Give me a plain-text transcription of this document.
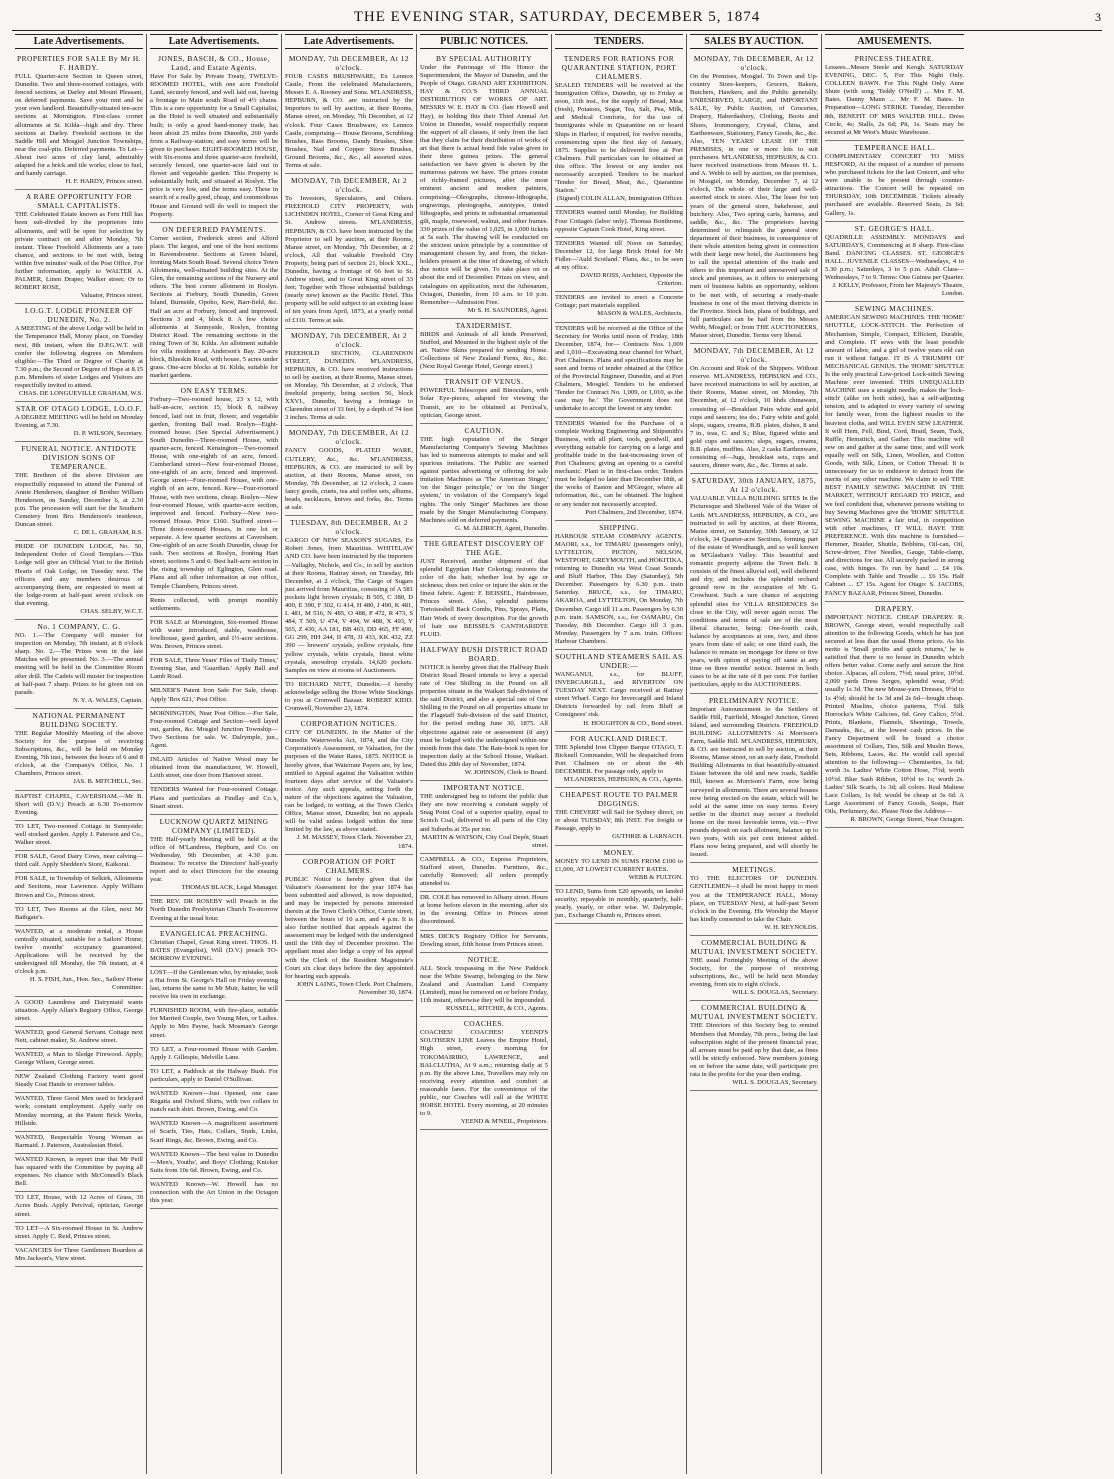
THE EVENING STAR, SATURDAY, DECEMBER 5, 1874	3
Late Advertisements.
PROPERTIES FOR SALE By Mr H. F. HARDY.
FULL Quarter-acre Section in Queen street, Dunedin. Two and three-roomed cottages, with fenced sections, at Darley and Mount Pleasant, on deferred payments. Save your rent and be your own landlord. Beautifully-situated ten-acre sections at Mornington. First-class corner allotments at St. Kilda—high and dry. Three sections at Darley. Freehold sections in the Saddle Hill and Mosgiel Junction Townships, near the coal-pits. Deferred payments. To Let—About two acres of clay land, admirably adapted for a brick and tile works; close to fuel, and handy carriage.
H. F. HARDY, Princes street.
A RARE OPPORTUNITY FOR SMALL CAPITALISTS.
THE Celebrated Estate known as Fern Hill has been sub-divided by the proprietors into allotments, and will be open for selection by private contract on and after Monday, 7th instant. These Freehold Allotments are a rare chance, and sections to be met with, being within five minutes' walk of the Post Office. For further information, apply to WALTER A. PALMER, Linen Draper, Walker street; Or to ROBERT ROSE,
Valuator, Princes street.
I.O.G.T. LODGE PIONEER OF DUNEDIN, No. 2.
A MEETING of the above Lodge will be held in the Temperance Hall, Moray place, on Tuesday next, 8th instant, when the D.P.G.W.T. will confer the following degrees on Members eligible:—The Third or Degree of Charity at 7.30 p.m.; the Second or Degree of Hope at 8.15 p.m. Members of sister Lodges and Visitors are respectfully invited to attend.
CHAS. DE LONGUEVILLE GRAHAM, W.S.
STAR OF OTAGO LODGE, I.O.O.F.
A DEGREE MEETING will be held on Monday Evening, at 7.30.
D. P. WILSON, Secretary.
FUNERAL NOTICE. ANTIDOTE DIVISION SONS OF TEMPERANCE.
THE Brethren of the above Division are respectfully requested to attend the Funeral of Annie Henderson, daughter of Brother William Henderson, on Sunday, December 6, at 2.30 p.m. The procession will start for the Southern Cemetery from Bro. Henderson's residence, Duncan street.
C. DE L. GRAHAM, R.S.
PRIDE OF DUNEDIN LODGE, No. 50, Independent Order of Good Templars.—This Lodge will give an Official Visit to the British Hearts of Oak Lodge, on Tuesday next. The officers and any members desirous of accompanying them, are requested to meet at the lodge-room at half-past seven o'clock on that evening.
CHAS. SELBY, W.C.T.
No. 1 COMPANY, C. G.
NO. 1.—The Company will muster for inspection on Monday, 7th instant, at 8 o'clock sharp. No. 2.—The Prizes won in the late Matches will be presented. No. 3.—The annual meeting will be held in the Committee Room after drill. The Cadets will muster for inspection at half-past 7 sharp. Prizes to be given out on parade.
N. Y. A. WALES, Captain.
NATIONAL PERMANENT BUILDING SOCIETY.
THE Regular Monthly Meeting of the above Society for the purpose of receiving Subscriptions, &c., will be held on Monday Evening, 7th inst., between the hours of 6 and 8 o'clock, at the Company's Office, No. 1 Chambers, Princes street.
JAS. B. MITCHELL, Sec.
BAPTIST CHAPEL, CAVERSHAM.—Mr B. Short will (D.V.) Preach at 6.30 To-morrow Evening.
TO LET, Two-roomed Cottage in Sunnyside; well stocked garden. Apply J. Paterson and Co., Walker street.
FOR SALE, Good Dairy Cows, near calving—third calf. Apply Shedden's Store, Kaikorai.
FOR SALE, in Township of Selkirk, Allotments and Sections, near Lawrence. Apply William Brown and Co., Princes street.
TO LET, Two Rooms at the Glen, next Mr Bathgate's.
WANTED, at a moderate rental, a House centrally situated, suitable for a Sailors' Home; twelve months' occupancy guaranteed. Applications will be received by the undersigned till Monday, the 7th instant, at 4 o'clock p.m.
H. S. FISH, Jun., Hon. Sec., Sailors' Home Committee.
A GOOD Laundress and Dairymaid wants situation. Apply Allan's Registry Office, George street.
WANTED, good General Servant. Cottage next Nett, cabinet maker, St. Andrew street.
WANTED, a Man to Sledge Firewood. Apply, George Wilson, George street.
NEW Zealand Clothing Factory want good Steady Coat Hands to overseer tables.
WANTED, Three Good Men used to brickyard work; constant employment. Apply early on Monday morning, at the Patent Brick Works, Hillside.
WANTED, Respectable Young Woman as Barmaid. J. Paterson, Australasian Hotel.
WANTED Known, is report true that Mr Peill has squared with the Committee by paying all expenses. No chance with McConnell's Black Bell.
TO LET, House, with 12 Acres of Grass, 30 Acres Bush. Apply Percival, optician, George street.
TO LET—A Six-roomed House in St. Andrew street. Apply C. Reid, Princes street.
VACANCIES for Three Gentlemen Boarders at Mrs Jackson's, View street.
Late Advertisements.
JONES, BASCH, & CO., House, Land, and Estate Agents.
Have For Sale by Private Treaty, TWELVE-ROOMED HOTEL, with one acre Freehold Land, securely fenced, and well laid out, having a frontage to Main south Road of 4½ chains. This is a rare opportunity for a Small Capitalist, as the Hotel is well situated and substantially built; is only a good hand-money trade, has been about 25 miles from Dunedin, 260 yards from a Railway-station; and easy terms will be given to purchaser. EIGHT-ROOMED HOUSE, with Six-rooms and three quarter-acre freehold, securely fenced, one quarter-acre laid out in flower and vegetable garden. This Property is substantially built, and situated at Roslyn. The price is very low, and the terms easy. These in search of a really good, cheap, and commodious House and Ground will do well to inspect the Property.
ON DEFERRED PAYMENTS.
Corner section, Frederick street and Alford place. The largest, and one of the best sections in Ravensbourne. Sections at Green Island, fronting Main South Road. Several choice Town Allotments, well-situated building sites. At the Glen, the remaining sections of the Nursery and others. The best corner allotment in Roslyn. Sections at Forbury, South Dunedin, Green Island, Burnside, Opoho, Kew, Barr-field, &c. Half an acre at Forbury, fenced and improved. Sections 3 and 4, block 8. A few choice allotments at Sunnyside, Roslyn, fronting District Road. The remaining sections in the rising Town of St. Kilda. An allotment suitable for villa residence at Anderson's Bay. 20-acre block, Blueskin Road, with house, 5 acres under grass. One-acre blocks at St. Kilda, suitable for market gardens.
ON EASY TERMS.
Forbury—Two-roomed house, 23 x 12, with half-an-acre, section 15, block 8, railway fenced, laid out in fruit, flower, and vegetable garden, fronting Ball road. Roslyn—Eight-roomed house. (See Special Advertisement.) South Dunedin—Three-roomed House, with quarter-acre, fenced. Kensington—Two-roomed House, with one-eighth of an acre, fenced. Cumberland street—New four-roomed House, one-eighth of an acre, fenced and improved. George street—Four-roomed House, with one-eighth of an acre, fenced. Kew—Four-roomed House, with two sections, cheap. Roslyn—New four-roomed House, with quarter-acre section, improved and fenced. Forbury—New two-roomed House. Price £160. Stafford street—Three three-roomed Houses, in one lot or separate. A few quarter sections at Caversham. One-eighth of an acre South Dunedin, cheap for cash. Two sections at Roslyn, fronting Hart street; sections 5 and 6. Best half-acre section in the rising township of Eglington, Glen road. Plans and all other information at our office, Temple Chambers, Princes street.
Rents collected, with prompt monthly settlements.
FOR SALE at Mornington, Six-roomed House with water introduced, stable, washhouse, fowlhouse, good garden, and 1½-acre sections. Wm. Brown, Princes street.
FOR SALE, Three Years' Files of 'Daily Times,' Evening Star, and 'Guardian.' Apply Ball and Lamb Road.
MILNER'S Patent Iron Safe For Sale, cheap. Apply 'Box 621,' Post Office.
MORNINGTON, Near Post Office.—For Sale, Four-roomed Cottage and Section—well layed out, garden, &c. Mosgiel Junction Township—Two Sections for sale. W. Dalrymple, jun., Agent.
INLAID Articles of Native Wood may be obtained from the manufacturer, W. Howell, Leith street, one door from Hanover street.
TENDERS Wanted for Four-roomed Cottage. Plans and particulars at Findlay and Co.'s, Stuart street.
LUCKNOW QUARTZ MINING COMPANY (LIMITED).
THE Half-yearly Meeting will be held at the office of M'Landress, Hepburn, and Co. on Wednesday, 9th December, at 4.30 p.m. Business: To receive the Directors' half-yearly report and to elect Directors for the ensuing year.
THOMAS BLACK, Legal Manager.
THE REV. DR ROSEBY will Preach in the North Dunedin Presbyterian Church To-morrow Evening at the usual hour.
EVANGELICAL PREACHING.
Christian Chapel, Great King street. THOS. H. BATES (Evangelist), Will (D.V.) preach TO-MORROW EVENING.
LOST—If the Gentleman who, by mistake, took a Hat from St. George's Hall on Friday evening last, returns the same to Mr Muir, hatter, he will receive his own in exchange.
FURNISHED ROOM, with fire-place, suitable for Married Couple, two Young Men, or Ladies. Apply to Mrs Payne, back Mosman's George street.
TO LET, a Four-roomed House with Garden. Apply J. Gillespie, Melville Lane.
TO LET, a Paddock at the Halway Bush. For particulars, apply to Daniel O'Sullivan.
WANTED Known—Just Opened, one case Regatta and Oxford Shirts, with two collars to match each shirt. Brown, Ewing, and Co.
WANTED Known—A magnificent assortment of Scarfs, Ties, Hats, Collars, Studs, Links, Scarf Rings, &c. Brown, Ewing, and Co.
WANTED Known—The best value in Dunedin—Men's, Youths', and Boys' Clothing; Knicker Suits from 10s 6d. Brown, Ewing, and Co.
WANTED Known—W. Howell has no connection with the Art Union in the Octagon this year.
Late Advertisements.
MONDAY, 7th DECEMBER, At 12 o'clock.
FOUR CASES BRUSHWARE, Ex Lennox Castle, From the celebrated Manufacturers, Messrs E. A. Rooney and Sons. M'LANDRESS, HEPBURN, & CO. are instructed by the Importers to sell by auction, at their Rooms, Manse street, on Monday, 7th December, at 12 o'clock. Four Cases Brushware, ex Lennox Castle, comprising— House Brooms, Scrubbing Brushes, Bass Brooms, Dandy Brushes, Shoe Brushes, Nail and Copper Stove Brushes, Ground Brooms, &c., &c., all assorted sizes. Terms at sale.
MONDAY, 7th DECEMBER, At 2 o'clock.
To Investors, Speculators, and Others. FREEHOLD CITY PROPERTY, with LICHNDEN HOTEL, Corner of Great King and St. Andrew streets. M'LANDRESS, HEPBURN, & CO. have been instructed by the Proprietor to sell by auction, at their Rooms, Manse street, on Monday, 7th December, at 2 o'clock, All that valuable Freehold City Property, being part of section 21, block XXL., Dunedin, having a frontage of 66 feet to St. Andrew street, and to Great King street of 33 feet; Together with Those substantial buildings (nearly new) known as the Pacific Hotel. This property will be sold subject to an existing lease of ten years from April, 1873, at a yearly rental of £110. Terms at sale.
MONDAY, 7th DECEMBER, At 2 o'clock.
FREEHOLD SECTION, CLARENDON STREET, DUNEDIN. M'LANDRESS, HEPBURN, & CO. have received instructions to sell by auction, at their Rooms, Manse street, on Monday, 7th December, at 2 o'clock, That freehold property, being section 56, block XXVI., Dunedin, having a frontage to Clarendon street of 33 feet, by a depth of 74 feet 3 inches. Terms at sale.
MONDAY, 7th DECEMBER, At 12 o'clock.
FANCY GOODS, PLATED WARE, CUTLERY, &c., &c. M'LANDRESS, HEPBURN, & CO. are instructed to sell by auction, at their Rooms, Manse street, on Monday, 7th December, at 12 o'clock, 2 cases fancy goods, cruets, tea and coffee sets, albums, beads, necklaces, knives and forks, &c. Terms at sale.
TUESDAY, 8th DECEMBER. At 2 o'clock.
CARGO OF NEW SEASON'S SUGARS, Ex Robert Jones, from Mauritius. WHITELAW AND CO. have been instructed by the importers—Vallaghy, Nichols, and Co., to sell by auction at their Rooms, Rattray street, on Tuesday, 8th December, at 2 o'clock, The Cargo of Sugars just arrived from Mauritius, consisting of A 581 pockets light brown crystals; B 505, C 380, D 400, E 390, F 302, G 414, H 480, J 490, K 481, L 481, M 516, N 485, O 488, P 472, R 473, S 484, T 509, U 474, V 494, W 488, X 493, Y 565, Z 430, AA 181, BB 463, DD 465, FF 490, GG 299, HH 244, II 478, JJ 433, KK 432, ZZ 390 — brewers' crystals, yellow crystals, fine yellow crystals, white crystals, finest white crystals, snowdrop crystals. 14,620 pockets. Samples on view at rooms of Auctioneers.
TO RICHARD NUTT, Dunedin.—I hereby acknowledge selling the Horse White Stockings to you at Cromwell Bazaar. ROBERT KIDD. Cromwell, November 23, 1874.
CORPORATION NOTICES.
CITY OF DUNEDIN. In the Matter of the Dunedin Waterworks Act, 1874, and the City Corporation's Assessment, or Valuation, for the purposes of the Water Rates, 1875. NOTICE is hereby given, that Waterrate Payers are, by law, entitled to Appeal against the Valuation within fourteen days after service of the Valuator's notice. Any such appeals, setting forth the nature of the objections against the Valuation, can be lodged, in writing, at the Town Clerk's Office, Manse street, Dunedin; but no appeals will be valid unless lodged within the time limited by the law, as above stated.
J. M. MASSEY, Town Clerk. November 23, 1874.
CORPORATION OF PORT CHALMERS.
PUBLIC Notice is hereby given that the Valuator's Assessment for the year 1874 has been submitted and allowed, is now deposited, and may be inspected by persons interested therein at the Town Clerk's Office, Currie street, between the hours of 10 a.m. and 4 p.m. It is also further notified that appeals against the assessment may be lodged with the undersigned until the 19th day of December proximo. The appellant must also lodge a copy of his appeal with the Clerk of the Resident Magistrate's Court six clear days before the day appointed for hearing such appeals.
JOHN LAING, Town Clerk. Port Chalmers, November 30, 1874.
PUBLIC NOTICES.
BY SPECIAL AUTHORITY
Under the Patronage of His Honor the Superintendent, the Mayor of Dunedin, and the People of Otago. GRAND ART EXHIBITION. HAY & CO.'S THIRD ANNUAL DISTRIBUTION OF WORKS OF ART. MESSRS W. E. HAY & CO. (late Howell and Hay), in holding this their Third Annual Art Union in Dunedin, would respectfully request the support of all classes, if only from the fact that they claim for their distribution of works of art that there is actual bond fide value given in their three guinea prizes. The general satisfaction we have given is shown by the numerous patrons we have. The prizes consist of richly-framed pictures, after the most eminent ancient and modern painters, comprising—Oleographs, chromo-lithographs, engravings, photographs, autotypes, tinted lithographs, and prints in substantial ornamental gilt, maple, rosewood, walnut, and other frames. 330 prizes of the value of 1,025, in 1,000 tickets at 5s each. The drawing will be conducted on the strictest union principle by a committee of management chosen by, and from, the ticket-holders present at the time of drawing, of which due notice will be given. To take place on or about the end of December. Prizes on view, and catalogues on application, next the Athenæum, Octagon, Dunedin, from 10 a.m. to 10 p.m. Remember—Admission Free.
Mr S. H. SAUNDERS, Agent.
TAXIDERMIST.
BIRDS and Animals of all kinds Preserved, Stuffed, and Mounted in the highest style of the art. Native Skins prepared for sending Home. Collections of New Zealand Ferns, &c., &c. (Next Royal George Hotel, George street.)
TRANSIT OF VENUS.
POWERFUL Telescopes and Binoculars, with Solar Eye-pieces, adapted for viewing the Transit, are to be obtained at Percival's, optician, George street.
CAUTION.
THE high reputation of the Singer Manufacturing Company's Sewing Machines has led to numerous attempts to make and sell spurious imitations. The Public are warned against parties advertising or offering for sale imitation Machines as 'The American Singer,' 'on the Singer principle,' or 'on the Singer system,' in violation of the Company's legal rights. The only 'Singer' Machines are those made by the Singer Manufacturing Company. Machines sold on deferred payments.
G. M. ALDRICH, Agent, Dunedin.
THE GREATEST DISCOVERY OF THE AGE.
JUST Received, another shipment of that splendid Egyptian Hair Coloring; restores the color of the hair, whether lost by age or sickness; does not color or injure the skin or the finest fabric. Agent: F. BEISSEL, Hairdresser, Princes street. Also, splendid patterns Tortoiseshell Back Combs, Pins, Sprays, Plaits, Hair Work of every description. For the growth of hair use BEISSEL'S CANTHARIDTE FLUID.
HALFWAY BUSH DISTRICT ROAD BOARD.
NOTICE is hereby given that the Halfway Bush District Road Board intends to levy a special rate of One Shilling in the Pound on all properties situate in the Waikari Sub-division of the said District, and also a special rate of One Shilling in the Pound on all properties situate in the Flagstaff Sub-division of the said District, for the period ending June 30, 1875. All objections against rate or assessment (if any) must be lodged with the undersigned within one month from this date. The Rate-book is open for inspection daily at the School House, Waikari. Dated this 28th day of November, 1874.
W. JOHNSON, Clerk to Board.
IMPORTANT NOTICE.
THE undersigned beg to inform the public that they are now receiving a constant supply of Snag Point Coal of a superior quality, equal to Scotch Coal, delivered to all parts of the City and Suburbs at 35s per ton.
MARTIN & WATSON, City Coal Depôt, Stuart street.
CAMPBELL & CO., Express Proprietors, Stafford street, Dunedin. Furniture, &c., carefully Removed; all orders promptly attended to.
DR. COLE has removed to Albany street. Hours at home before eleven in the morning, after six in the evening. Office in Princes street discontinued.
MRS DICK'S Registry Office for Servants, Dowling street, fifth house from Princes street.
NOTICE.
ALL Stock trespassing in the New Paddock near the White Swamp, belonging to the New Zealand and Australian Land Company (Limited), must be removed on or before Friday, 11th instant, otherwise they will be impounded.
RUSSELL, RITCHIE, & CO., Agents.
COACHES.
COACHES! COACHES! YEEND'S SOUTHERN LINE Leaves the Empire Hotel, High street, every morning for TOKOMAIRIRO, LAWRENCE, and BALCLUTHA, At 9 a.m.; returning daily at 5 p.m. By the above Line, Travellers may rely on receiving every attention and comfort at reasonable fares. For the convenience of the public, our Coaches will call at the WHITE HORSE HOTEL Every morning, at 20 minutes to 9.
YEEND & M'NEIL, Proprietors.
TENDERS.
TENDERS FOR RATIONS FOR QUARANTINE STATION, PORT CHALMERS.
SEALED TENDERS will be received at the Immigration Office, Dunedin, up to Friday at noon, 11th inst., for the supply of Bread, Meat (fresh), Potatoes, Sugar, Tea, Salt, Pea, Milk, and Medical Comforts, for the use of Immigrants while in Quarantine on or board Ships in Harbor, if required, for twelve months, commencing upon the first day of January, 1875. Supplies to be delivered free at Port Chalmers. Full particulars can be obtained at this office. The lowest or any tender not necessarily accepted. Tenders to be marked 'Tender for Bread, Meat, &c., Quarantine Station.'
(Signed) COLIN ALLAN, Immigration Officer.
TENDERS wanted until Monday, for Building Four Cottages (labor only). Thomas Bonthrone, opposite Captain Cook Hotel, King street.
TENDERS Wanted till Noon on Saturday, December 12, for large Brick Hotel for Mr Fidler—'Auld Scotland.' Plans, &c., to be seen at my office.
DAVID ROSS, Architect, Opposite the Criterion.
TENDERS are invited to erect a Concrete Cottage; part materials supplied.
MASON & WALES, Architects.
TENDERS will be received at the Office of the Secretary for Works until noon of Friday, 18th December, 1874, for— Contracts Nos. 1,009 and 1,010—Excavating near channel for Wharf, Port Chalmers. Plans and specifications may be seen and forms of tender obtained at the Office of the Provincial Engineer, Dunedin, and at Port Chalmers, Mosgiel. Tenders to be endorsed 'Tender for Contract No. 1,009, or 1,010, as the case may be.' The Government does not undertake to accept the lowest or any tender.
TENDERS Wanted for the Purchase of a complete Working Engineering and Shipsmith's Business, with all plant, tools, goodwill, and everything suitable for carrying on a large and profitable trade in the fast-increasing town of Port Chalmers; giving an opening to a careful mechanic. Plant is in first-class order. Tenders must be lodged no later than December 18th, at the works of Easton and M'Gregor, where all information, &c., can be obtained. The highest or any tender not necessarily accepted.
Port Chalmers, 2nd December, 1874.
SHIPPING.
HARBOUR STEAM COMPANY AGENTS. MAORI, s.s., for TIMARU (passengers only), LYTTELTON, PICTON, NELSON, WESTPORT, GREYMOUTH, and HOKITIKA, returning to Dunedin via West Coast Sounds and Bluff Harbor, This Day (Saturday), 5th December. Passengers by 6.30 p.m. train Saturday. BRUCE, s.s., for TIMARU, AKAROA, and LYTTELTON, On Monday, 7th December. Cargo till 11 a.m. Passengers by 6.30 p.m. train. SAMSON, s.s., for OAMARU, On Tuesday, 8th December. Cargo till 3 p.m. Monday. Passengers by 7 a.m. train. Offices: Harbour Chambers.
SOUTHLAND STEAMERS SAIL AS UNDER:—
WANGANUI, s.s., for BLUFF, INVERCARGILL, and RIVERTON ON TUESDAY NEXT. Cargo received at Rattray street Wharf. Cargo for Invercargill and Inland Districts forwarded by rail from Bluff at Consignees' risk.
H. HOUGHTON & CO., Bond street.
FOR AUCKLAND DIRECT.
THE Splendid Iron Clipper Barque OTAGO, T. Bicknell Commander, Will be despatched from Port Chalmers on or about the 4th DECEMBER. For passage only, apply to
M'LANDRESS, HEPBURN, & CO., Agents.
CHEAPEST ROUTE TO PALMER DIGGINGS.
THE CHEVERT will Sail for Sydney direct, on or about TUESDAY, 8th INST. For freight or Passage, apply to
GUTHRIE & LARNACH.
MONEY.
MONEY TO LEND IN SUMS FROM £100 to £1,000, AT LOWEST CURRENT RATES.
WEBB & FULTON.
TO LEND, Sums from £20 upwards, on landed security; repayable in monthly, quarterly, half-yearly, yearly, or other wise. W. Dalrymple, jun., Exchange Chamb rs, Princes street.
SALES BY AUCTION.
MONDAY, 7th DECEMBER, At 12 o'clock.
On the Premises, Mosgiel. To Town and Up-country Store-keepers, Grocers, Bakers, Butchers, Hawkers, and the Public generally. UNRESERVED, LARGE, and IMPORTANT SALE, by Public Auction, of Groceries, Drapery, Haberdashery, Clothing, Boots and Shoes, Ironmongery, Crystal, China, and Earthenware, Stationery, Fancy Goods, &c., &c. Also, TEN YEARS' LEASE OF THE PREMISES, in one or more lots to suit purchasers. M'LANDRESS, HEPBURN, & CO. have received instructions from Messrs H. L. and A. Webb to sell by auction, on the premises, in Mosgiel, on Monday, December 7, at 12 o'clock, The whole of their large and well-assorted stock in store. Also, The lease for ten years of the general store, bakehouse, and butchery. Also, Two spring carts, harness, and saddle, &c., &c. The proprietors having determined to relinquish the general store department of their business, in consequence of their whole attention being given in connection with their large new hotel, the Auctioneers beg to call the special attention of the trade and others to this important and unreserved sale of stock and premises, as it offers to enterprising men of business habits an opportunity, seldom to be met with, of securing a ready-made business in one of the most thriving districts in the Province. Stock lists, plans of buildings, and full particulars can be had from the Messrs Webb, Mosgiel; or from THE AUCTIONEERS, Manse street, Dunedin. Terms very liberal.
MONDAY, 7th DECEMBER, At 12 o'clock.
On Account and Risk of the Shippers. Without reserve. M'LANDRESS, HEPBURN and CO., have received instructions to sell by auction, at their Rooms, Manse street, on Monday, 7th December, at 12 o'clock, 10 hhds chinaware, consisting of—Breakfast Pairs white and gold cups and saucers; tea do.; Fairy white and gold slops, sugars, creams, B.B. plates, dishes, 8 and 7 in., teas, C. and S.; Blue, figured white and gold cups and saucers; slops, sugars, creams, B.B. plates, muffins. Also, 2 casks Earthenware, consisting of—Jugs, breakfast sets, cups and saucers, dinner ware, &c., &c. Terms at sale.
SATURDAY, 30th JANUARY, 1875, At 12 o'clock.
VALUABLE VILLA BUILDING SITES In the Picturesque and Sheltered Vale of the Water of Leith. M'LANDRESS, HEPBURN, & CO., are instructed to sell by auction, at their Rooms, Manse street, on Saturday, 30th January, at 12 o'clock, 34 Quarter-acre Sections, forming part of the estate of Woodhaugh, and so well known as M'Glashan's Valley. This beautiful and romantic property adjoins the Town Belt. It consists of the finest alluvial soil, well sheltered and dry, and includes the splendid orchard ground now in the occupation of Mr G. Crowhurst. Such a rare chance of acquiring splendid sites for VILLA RESIDENCES So close to the City, will never again occur. The conditions and terms of sale are of the most liberal character, being: One-fourth cash, balance by acceptances at one, two, and three years from date of sale; or one third cash, the balance to remain on mortgage for three or five years, with option of paying off same at any time on three months' notice. Interest in both cases to be at the rate of 8 per cent. For further particulars, apply to the AUCTIONEERS.
PRELIMINARY NOTICE.
Important Announcement to the Settlers of Saddle Hill, Fairfield, Mosgiel Junction, Green Island, and surrounding Districts. FREEHOLD BUILDING ALLOTMENTS At Morrison's Farm, Saddle Hill. M'LANDRESS, HEPBURN, & CO. are instructed to sell by auction, at their Rooms, Manse street, on an early date, Freehold Building Allotments in that beautifully-situated Estate between the old and new roads, Saddle Hill, known as Morrison's Farm, now being surveyed in allotments. There are several houses now being erected on the estate, which will be sold at the same time on easy terms. Every settler in the district may secure a freehold home on the most favorable terms, viz.—Five pounds deposit on each allotment, balance up to two years, with six per cent interest added. Plans now being prepared, and will shortly be issued.
MEETINGS.
TO THE ELECTORS OF DUNEDIN. GENTLEMEN—I shall be most happy to meet you at the TEMPERANCE HALL, Moray place, on TUESDAY Next, at half-past Seven o'clock in the Evening. His Worship the Mayor has kindly consented to take the Chair.
W. H. REYNOLDS.
COMMERCIAL BUILDING & MUTUAL INVESTMENT SOCIETY.
THE usual Fortnightly Meeting of the above Society, for the purpose of receiving subscriptions, &c., will be held next Monday evening, from six to eight o'clock.
WILL S. DOUGLAS, Secretary.
COMMERCIAL BUILDING & MUTUAL INVESTMENT SOCIETY.
THE Directors of this Society beg to remind Members that Monday, 7th prox., being the last subscription night of the present financial year, all arrears must be paid up by that date, as fines will be strictly enforced. New members joining on or before the same date, will participate pro rata in the profits for the year then ending.
WILL S. DOUGLAS, Secretary.
AMUSEMENTS.
PRINCESS THEATRE.
Lessees...Messrs Steele and Keogh. SATURDAY EVENING, DEC. 5, For This Night Only. COLLEEN BAWN. For This Night Only. Anne Shute (with song 'Teddy O'Neill') ... Mrs F. M. Bates. Danny Mann ... Mr F. M. Bates. In Preparation—LONG STRIKE. Tuesday, December 8th, BENEFIT OF MRS WALTER HILL. Dress Circle, 4s; Stalls, 2s 6d; Pit, 1s. Seats may be secured at Mr West's Music Warehouse.
TEMPERANCE HALL.
COMPLIMENTARY CONCERT TO MISS HESFORD, At the request of a number of persons who purchased tickets for the last Concert, and who were unable to be present through counter-attractions. The Concert will be repeated on THURSDAY, 10th DECEMBER. Tickets already purchased are available. Reserved Seats, 2s 6d; Gallery, 1s.
ST. GEORGE'S HALL.
QUADRILLE ASSEMBLY. MONDAYS and SATURDAYS, Commencing at 8 sharp. First-class Band. DANCING CLASSES. ST. GEORGE'S HALL. JUVENILE CLASSES—Wednesdays, 4 to 5.30 p.m.; Saturdays, 3 to 5 p.m. Adult Class—Wednesdays, 7 to 9. Terms: One Guinea per Quarter.
J. KELLY, Professor, From her Majesty's Theatre, London.
SEWING MACHINES.
AMERICAN SEWING MACHINES. THE 'HOME' SHUTTLE, LOCK-STITCH. The Perfection of Mechanism, Simple, Compact, Efficient, Durable, and Complete. IT sews with the least possible amount of labor, and a girl of twelve years old can run it without fatigue. IT IS A TRIUMPH OF MECHANICAL GENIUS. The 'HOME' SHUTTLE Is the only practical Low-priced Lock-stitch Sewing Machine ever invented. THIS UNEQUALLED MACHINE uses a straight needle, makes the 'lock-stitch' (alike on both sides), has a self-adjusting tension, and is adapted to every variety of sewing for family wear, from the lightest muslin to the heaviest cloths, and WILL EVEN SEW LEATHER. It will Hem, Fell, Bind, Cord, Braid, Seam, Tuck, Ruffle, Hemstitch, and Gather. This machine will sew on and gather at the same time, and will work equally well on Silk, Linen, Woollen, and Cotton Goods, with Silk, Linen, or Cotton Thread. It is unnecessary for us to endeavor to detract from the merits of any other machine. We claim to sell THE BEST FAMILY SEWING MACHINE IN THE MARKET, WITHOUT REGARD TO PRICE, and we feel confident that, whenever persons wishing to buy Sewing Machines give the 'HOME' SHUTTLE SEWING MACHINE a fair trial, in competition with other machines, IT WILL HAVE THE PREFERENCE. With this machine is furnished—Hemmer, Braider, Shuttle, Bobbins, Oil-can, Oil, Screw-driver, Five Needles, Gauge, Table-clamp, and directions for use. All securely packed in strong case, with hinges. To run by hand ... £4 10s. Complete with Table and Treadle ... £6 15s. Half Cabinet ... £7 15s. Agent for Otago: S. JACOBS, FANCY BAZAAR, Princes Street, Dunedin.
DRAPERY.
IMPORTANT NOTICE. CHEAP DRAPERY. R. BROWN, George street, would respectfully call attention to the following Goods, which he has just secured at less than the usual Home prices. As his motto is 'Small profits and quick returns,' he is satisfied that there is no house in Dunedin which offers better value. Come early and secure the first choice. Alpacas, all colors, 7½d; usual price, 10½d. 2,000 yards Dress Serges, splendid wear, 9½d; usually 1s 3d. The new Mouse-yarn Dresses, 9½d to 1s 4½d; should be 1s 3d and 2s 6d—bought cheap. Printed Muslins, choice patterns, 7½d. Silk Horrocks's White Calicoes, 6d. Grey Calico, 5½d. Prints, Blankets, Flannels, Sheetings, Towels, Damasks, &c., at the lowest cash prices. In the Fancy Department will be found a choice assortment of Collars, Ties, Silk and Muslin Bows, Sets, Ribbons, Laces, &c. He would call special attention to the following:— Chemisettes, 1s 6d; worth 3s. Ladies' White Cotton Hose, 7½d; worth 10½d. Blue Sash Ribbon, 10½d to 1s; worth 2s. Ladies' Silk Scarfs, 1s 3d; all colors. Real Maltese Lace Collars, 1s 6d; would be cheap at 3s 6d. A Large Assortment of Fancy Goods, Soaps, Hair Oils, Perfumery, &c. Please Note the Address—
R. BROWN, George Street, Near Octagon.
